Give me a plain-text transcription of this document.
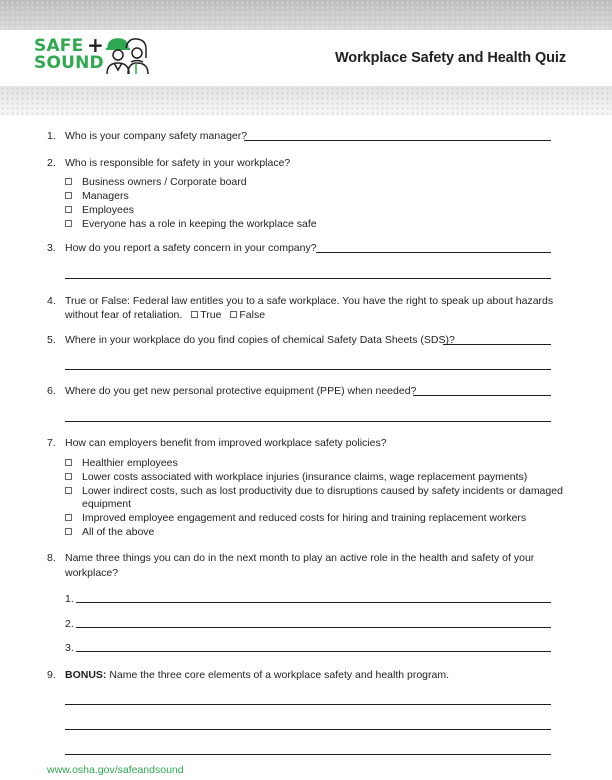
SAFE
SOUND
+
Workplace Safety and Health Quiz
1. Who is your company safety manager?
2. Who is responsible for safety in your workplace?
Business owners / Corporate board
Managers
Employees
Everyone has a role in keeping the workplace safe
3. How do you report a safety concern in your company?
4. True or False: Federal law entitles you to a safe workplace. You have the right to speak up about hazards
without fear of retaliation. True False
5. Where in your workplace do you find copies of chemical Safety Data Sheets (SDS)?
6. Where do you get new personal protective equipment (PPE) when needed?
7. How can employers benefit from improved workplace safety policies?
Healthier employees
Lower costs associated with workplace injuries (insurance claims, wage replacement payments)
Lower indirect costs, such as lost productivity due to disruptions caused by safety incidents or damaged
equipment
Improved employee engagement and reduced costs for hiring and training replacement workers
All of the above
8. Name three things you can do in the next month to play an active role in the health and safety of your
workplace?
1.
2.
3.
9. BONUS: Name the three core elements of a workplace safety and health program.
www.osha.gov/safeandsound
